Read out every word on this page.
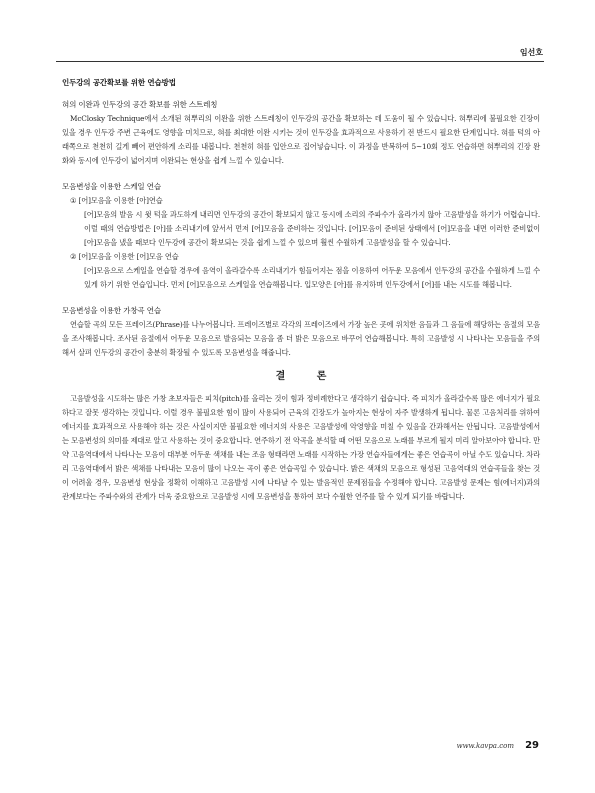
임선호
인두강의 공간확보를 위한 연습방법
혀의 이완과 인두강의 공간 확보를 위한 스트레칭

McClosky Technique에서 소개된 혀뿌리의 이완을 위한 스트레칭이 인두강의 공간을 확보하는 데 도움이 될 수 있습니다. 혀뿌리에 불필요한 긴장이 있을 경우 인두강 주변 근육에도 영향을 미치므로, 혀를 최대한 이완 시키는 것이 인두강을 효과적으로 사용하기 전 반드시 필요한 단계입니다. 혀를 턱의 아래쪽으로 천천히 길게 빼어 편안하게 소리를 내봅니다. 천천히 혀를 입안으로 집어넣습니다. 이 과정을 반복하여 5~10회 정도 연습하면 혀뿌리의 긴장 완화와 동시에 인두강이 넓어지며 이완되는 현상을 쉽게 느낄 수 있습니다.

모음변성을 이용한 스케일 연습
① [어]모음을 이용한 [아]연습

[어]모음의 발음 시 윗 턱을 과도하게 내리면 인두강의 공간이 확보되지 않고 동시에 소리의 주파수가 올라가지 않아 고음발성을 하기가 어렵습니다. 이럴 때의 연습방법은 [아]를 소리내기에 앞서서 먼저 [어]모음을 준비하는 것입니다. [어]모음이 준비된 상태에서 [어]모음을 내면 이러한 준비없이 [아]모음을 냈을 때보다 인두강에 공간이 확보되는 것을 쉽게 느낄 수 있으며 훨씬 수월하게 고음발성을 할 수 있습니다.

② [어]모음을 이용한 [어]모음 연습

[어]모음으로 스케일을 연습할 경우에 음역이 올라갈수록 소리내기가 힘들어지는 점을 이용하여 어두운 모음에서 인두강의 공간을 수월하게 느낄 수 있게 하기 위한 연습입니다. 먼저 [어]모음으로 스케일을 연습해봅니다. 입모양은 [아]를 유지하며 인두강에서 [어]를 내는 시도를 해봅니다.

모음변성을 이용한 가창곡 연습

연습할 곡의 모든 프레이즈(Phrase)를 나누어봅니다. 프레이즈별로 각각의 프레이즈에서 가장 높은 곳에 위치한 음들과 그 음들에 해당하는 음절의 모음을 조사해봅니다. 조사된 음절에서 어두운 모음으로 발음되는 모음을 좀 더 밝은 모음으로 바꾸어 연습해봅니다. 특히 고음발성 시 나타나는 모음들을 주의해서 살펴 인두강의 공간이 충분히 확장될 수 있도록 모음변성을 해줍니다.

결 론

고음발성을 시도하는 많은 가창 초보자들은 피치(pitch)를 올리는 것이 힘과 정비례한다고 생각하기 쉽습니다. 즉 피치가 올라갈수록 많은 에너지가 필요하다고 잘못 생각하는 것입니다. 이럴 경우 불필요한 힘이 많이 사용되어 근육의 긴장도가 높아지는 현상이 자주 발생하게 됩니다. 물론 고음처리를 위하여 에너지를 효과적으로 사용해야 하는 것은 사실이지만 불필요한 에너지의 사용은 고음발성에 악영향을 미칠 수 있음을 간과해서는 안됩니다. 고음발성에서는 모음변성의 의미를 제대로 알고 사용하는 것이 중요합니다. 연주하기 전 악곡을 분석할 때 어떤 모음으로 노래를 부르게 될지 미리 알아보아야 합니다. 만약 고음역대에서 나타나는 모음이 대부분 어두운 색채를 내는 조음 형태라면 노래를 시작하는 가장 연습자들에게는 좋은 연습곡이 아닐 수도 있습니다. 차라리 고음역대에서 밝은 색채를 나타내는 모음이 많이 나오는 곡이 좋은 연습곡일 수 있습니다. 밝은 색채의 모음으로 형성된 고음역대의 연습곡들을 찾는 것이 어려울 경우, 모음변성 현상을 정확히 이해하고 고음발성 시에 나타날 수 있는 발음적인 문제점들을 수정해야 합니다. 고음발성 문제는 힘(에너지)과의 관계보다는 주파수와의 관계가 더욱 중요함으로 고음발성 시에 모음변성을 통하여 보다 수월한 연주를 할 수 있게 되기를 바랍니다.

www.kavpa.com 29
